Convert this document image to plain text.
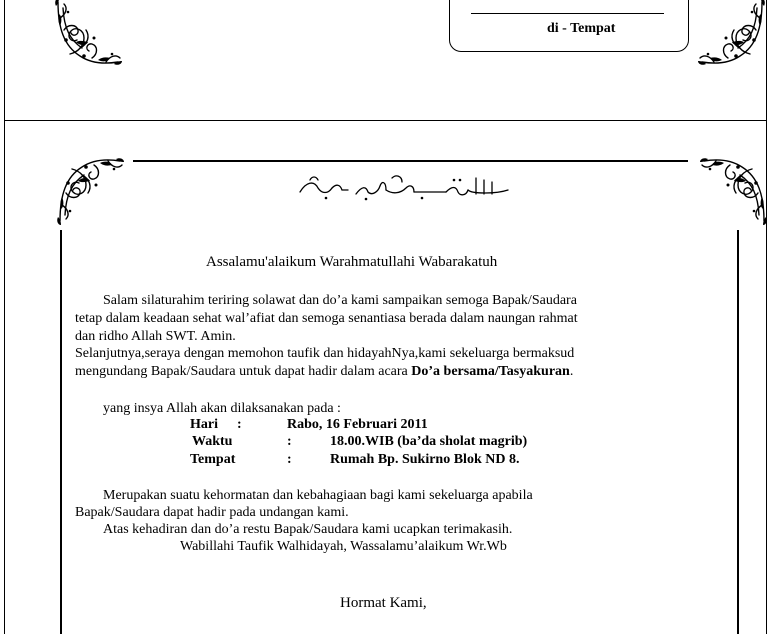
di - Tempat
Assalamu'alaikum Warahmatullahi Wabarakatuh
Salam silaturahim teriring solawat dan do’a kami sampaikan semoga Bapak/Saudara
tetap dalam keadaan sehat wal’afiat dan semoga senantiasa berada dalam naungan rahmat
dan ridho Allah SWT. Amin.
Selanjutnya,seraya dengan memohon taufik dan hidayahNya,kami sekeluarga bermaksud
mengundang Bapak/Saudara untuk dapat hadir dalam acara Do’a bersama/Tasyakuran.
yang insya Allah akan dilaksanakan pada :
Hari :	Rabo, 16 Februari 2011
Waktu	:	18.00.WIB (ba’da sholat magrib)
Tempat	:	Rumah Bp. Sukirno Blok ND 8.
Merupakan suatu kehormatan dan kebahagiaan bagi kami sekeluarga apabila
Bapak/Saudara dapat hadir pada undangan kami.
Atas kehadiran dan do’a restu Bapak/Saudara kami ucapkan terimakasih.
Wabillahi Taufik Walhidayah, Wassalamu’alaikum Wr.Wb
Hormat Kami,
